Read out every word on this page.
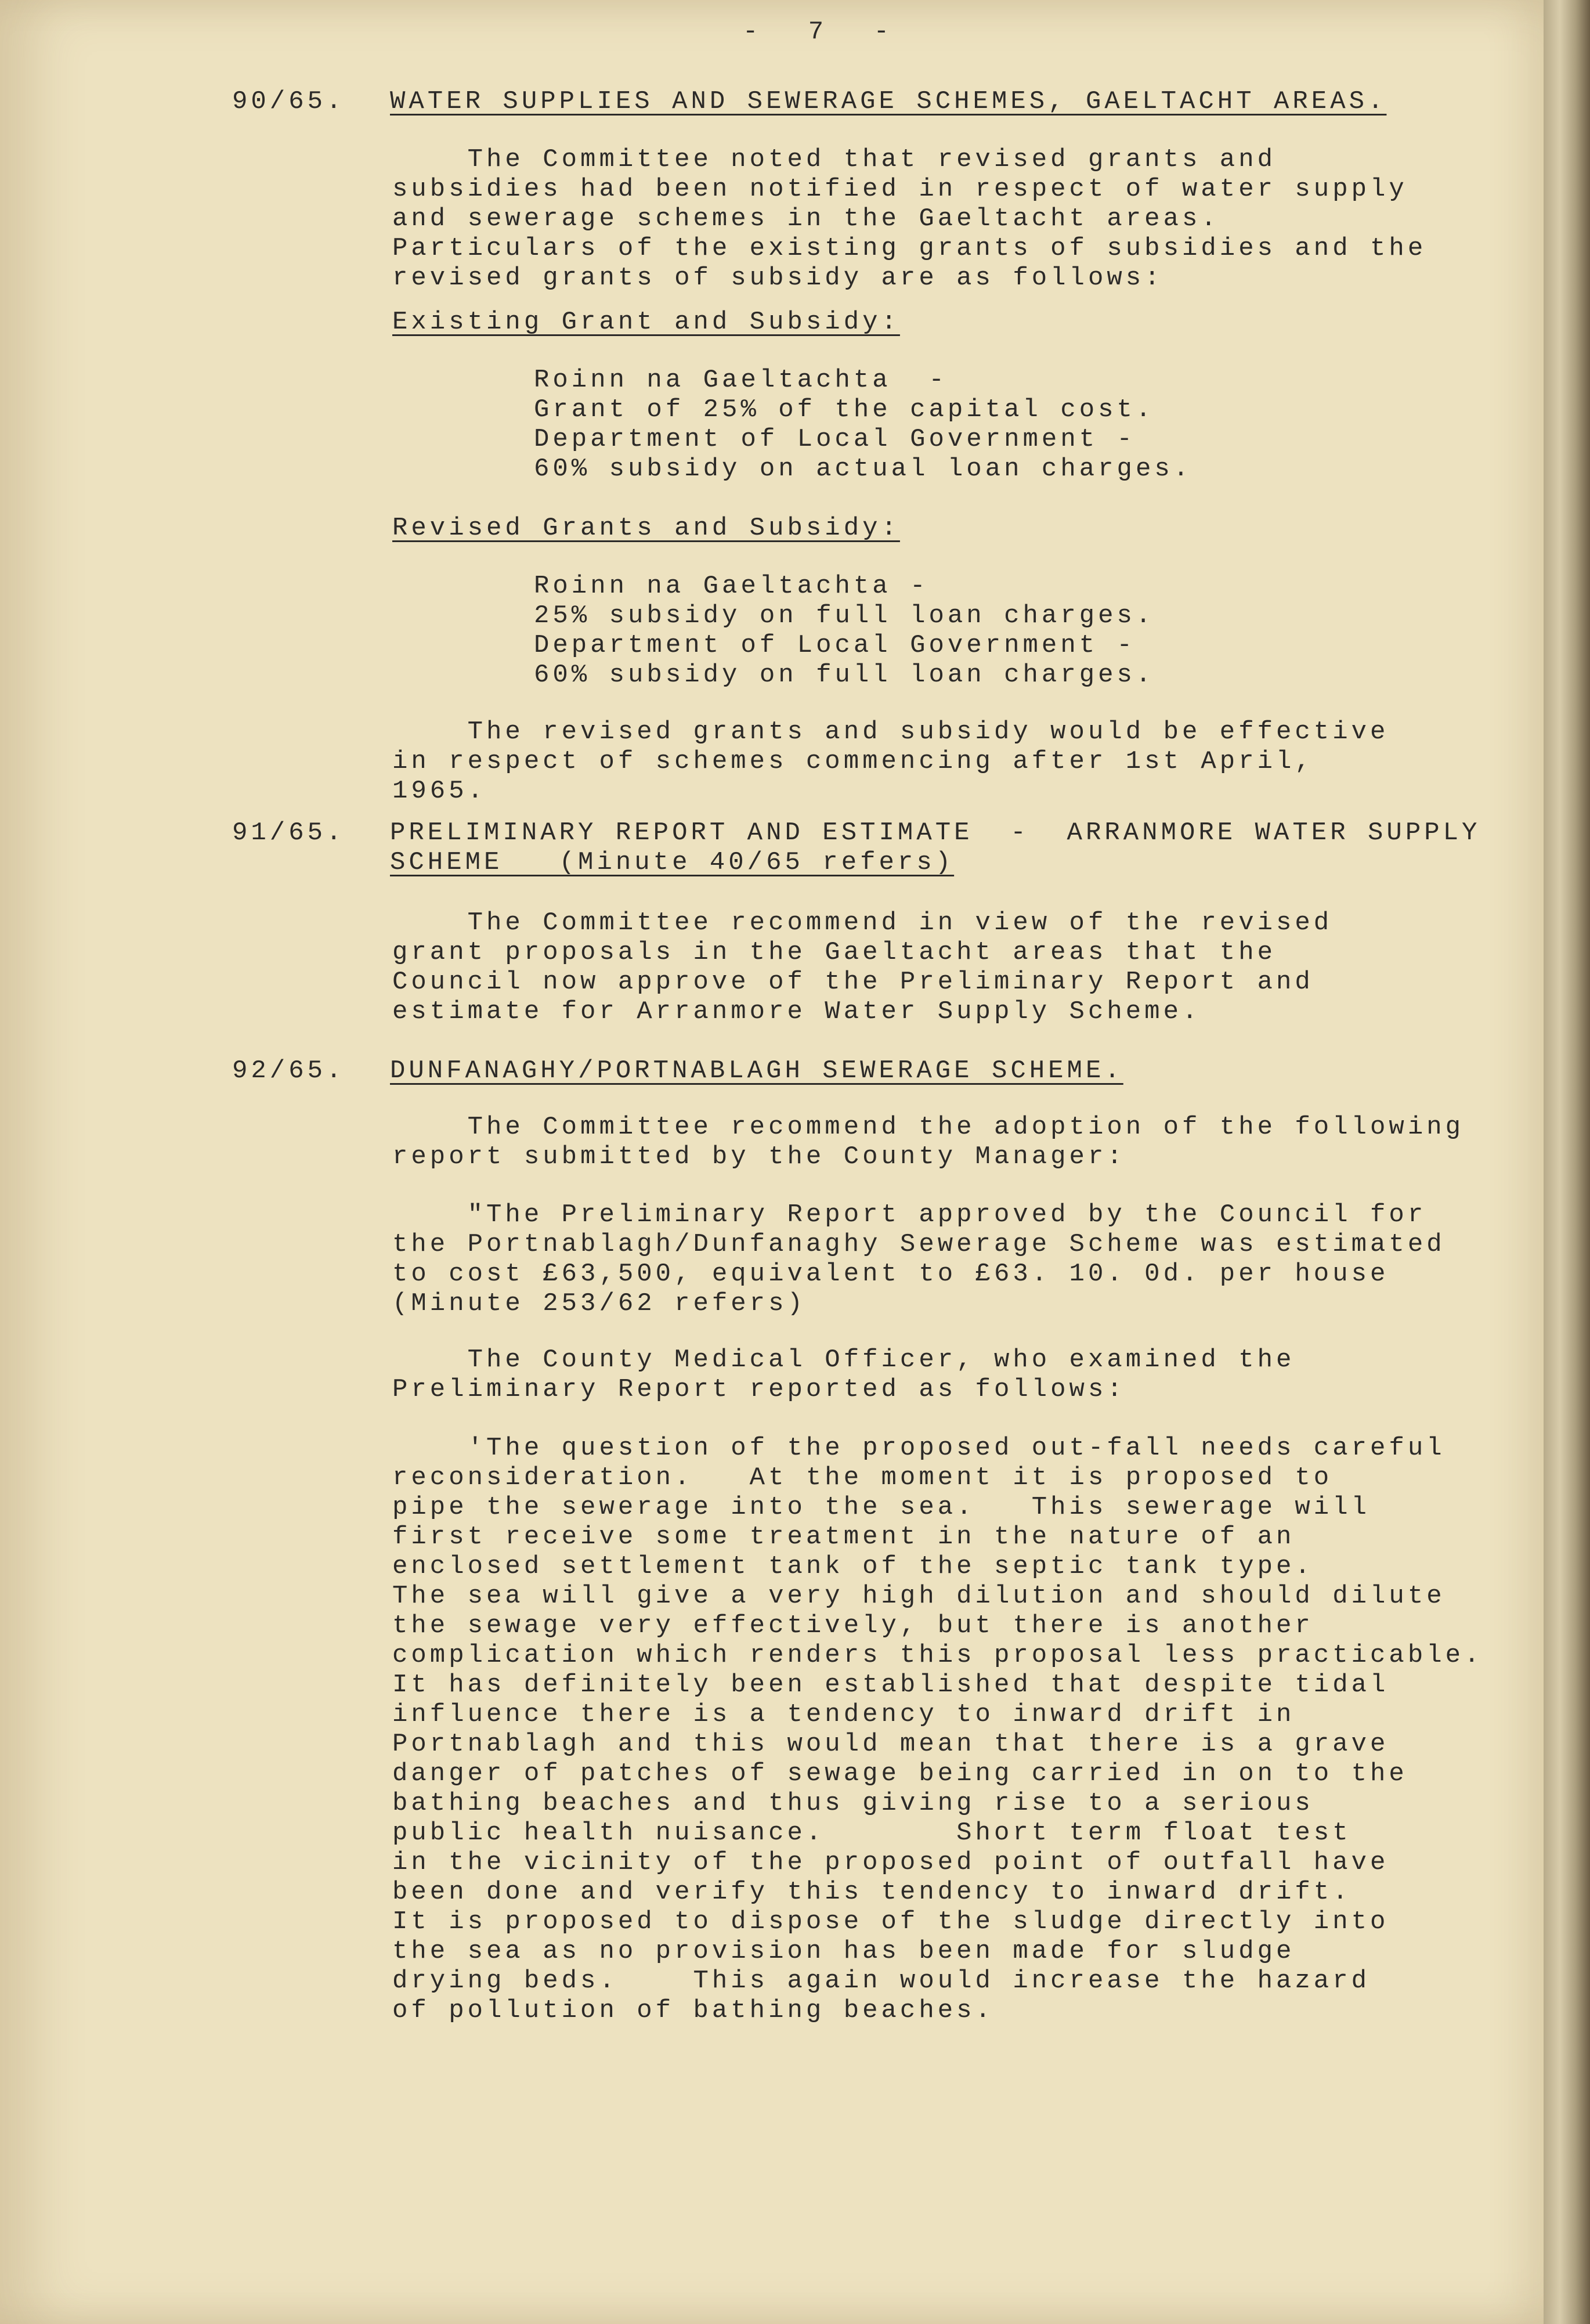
- 7 -
90/65. WATER SUPPLIES AND SEWERAGE SCHEMES, GAELTACHT AREAS.
The Committee noted that revised grants and
subsidies had been notified in respect of water supply
and sewerage schemes in the Gaeltacht areas.
Particulars of the existing grants of subsidies and the
revised grants of subsidy are as follows:
Existing Grant and Subsidy:
Roinn na Gaeltachta  -
Grant of 25% of the capital cost.
Department of Local Government -
60% subsidy on actual loan charges.
Revised Grants and Subsidy:
Roinn na Gaeltachta -
25% subsidy on full loan charges.
Department of Local Government -
60% subsidy on full loan charges.
The revised grants and subsidy would be effective
in respect of schemes commencing after 1st April,
1965.
91/65. PRELIMINARY REPORT AND ESTIMATE  -  ARRANMORE WATER SUPPLY
SCHEME   (Minute 40/65 refers)
The Committee recommend in view of the revised
grant proposals in the Gaeltacht areas that the
Council now approve of the Preliminary Report and
estimate for Arranmore Water Supply Scheme.
92/65. DUNFANAGHY/PORTNABLAGH SEWERAGE SCHEME.
The Committee recommend the adoption of the following
report submitted by the County Manager:
"The Preliminary Report approved by the Council for
the Portnablagh/Dunfanaghy Sewerage Scheme was estimated
to cost £63,500, equivalent to £63. 10. 0d. per house
(Minute 253/62 refers)
The County Medical Officer, who examined the
Preliminary Report reported as follows:
'The question of the proposed out-fall needs careful
reconsideration.   At the moment it is proposed to
pipe the sewerage into the sea.   This sewerage will
first receive some treatment in the nature of an
enclosed settlement tank of the septic tank type.
The sea will give a very high dilution and should dilute
the sewage very effectively, but there is another
complication which renders this proposal less practicable.
It has definitely been established that despite tidal
influence there is a tendency to inward drift in
Portnablagh and this would mean that there is a grave
danger of patches of sewage being carried in on to the
bathing beaches and thus giving rise to a serious
public health nuisance.       Short term float test
in the vicinity of the proposed point of outfall have
been done and verify this tendency to inward drift.
It is proposed to dispose of the sludge directly into
the sea as no provision has been made for sludge
drying beds.    This again would increase the hazard
of pollution of bathing beaches.
